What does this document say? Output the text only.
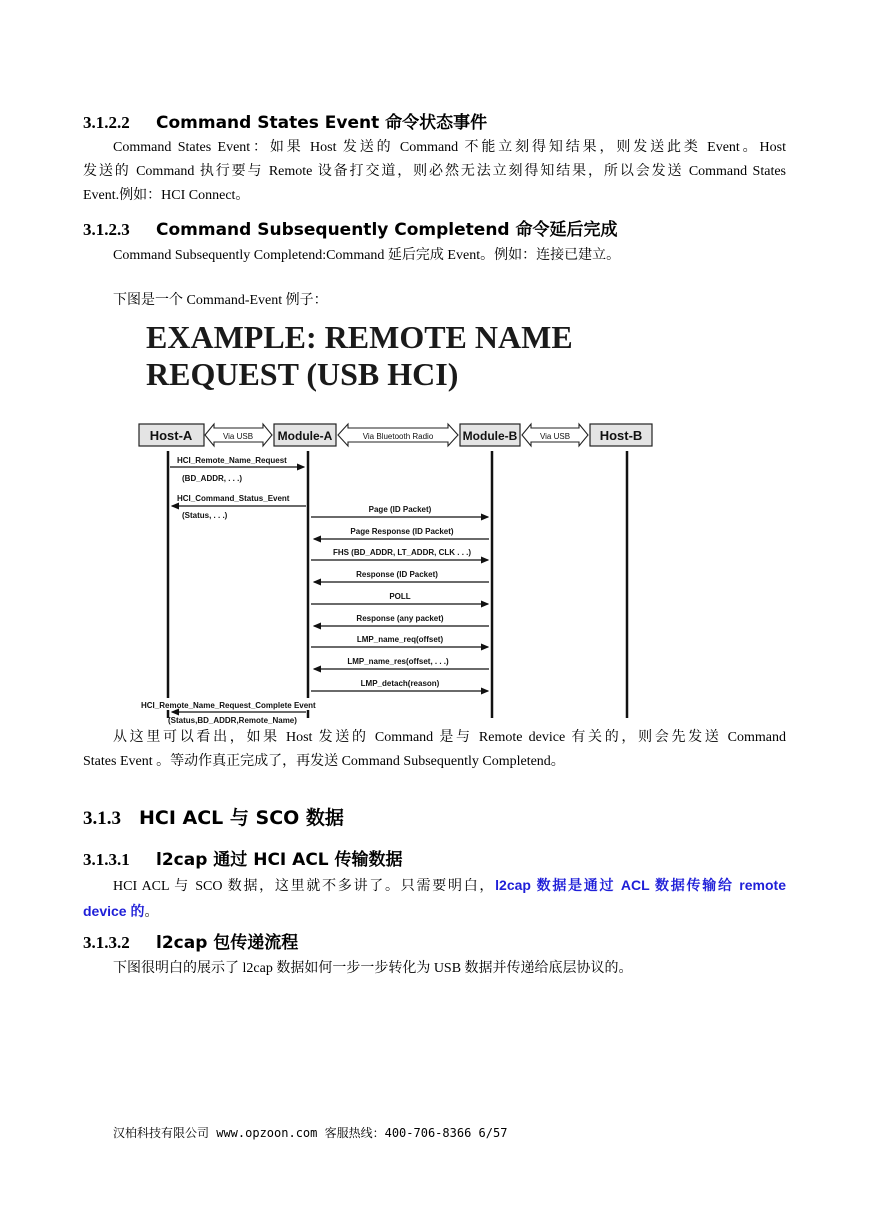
3.1.2.2 Command States Event 命令状态事件
Command States Event：如果 Host 发送的 Command 不能立刻得知结果，则发送此类 Event。Host
发送的 Command 执行要与 Remote 设备打交道，则必然无法立刻得知结果，所以会发送 Command States
Event.例如：HCI Connect。
3.1.2.3 Command Subsequently Completend 命令延后完成
Command Subsequently Completend:Command 延后完成 Event。例如：连接已建立。
下图是一个 Command-Event 例子：
EXAMPLE: REMOTE NAME
REQUEST (USB HCI)
Host-A	Module-A	Module-B	Host-B
Via USB	Via Bluetooth Radio	Via USB
HCI_Remote_Name_Request
(BD_ADDR, . . .)
HCI_Command_Status_Event
(Status, . . .)
Page (ID Packet)
Page Response (ID Packet)
FHS (BD_ADDR, LT_ADDR, CLK . . .)
Response (ID Packet)
POLL
Response (any packet)
LMP_name_req(offset)
LMP_name_res(offset, . . .)
LMP_detach(reason)
HCI_Remote_Name_Request_Complete Event
(Status,BD_ADDR,Remote_Name)
从这里可以看出，如果 Host 发送的 Command 是与 Remote device 有关的，则会先发送 Command
States Event 。等动作真正完成了，再发送 Command Subsequently Completend。
3.1.3 HCI ACL 与 SCO 数据
3.1.3.1 l2cap 通过 HCI ACL 传输数据
HCI ACL 与 SCO 数据，这里就不多讲了。只需要明白，l2cap 数据是通过 ACL 数据传输给 remote
device 的。
3.1.3.2 l2cap 包传递流程
下图很明白的展示了 l2cap 数据如何一步一步转化为 USB 数据并传递给底层协议的。
汉柏科技有限公司 www.opzoon.com 客服热线：400-706-8366 6/57
